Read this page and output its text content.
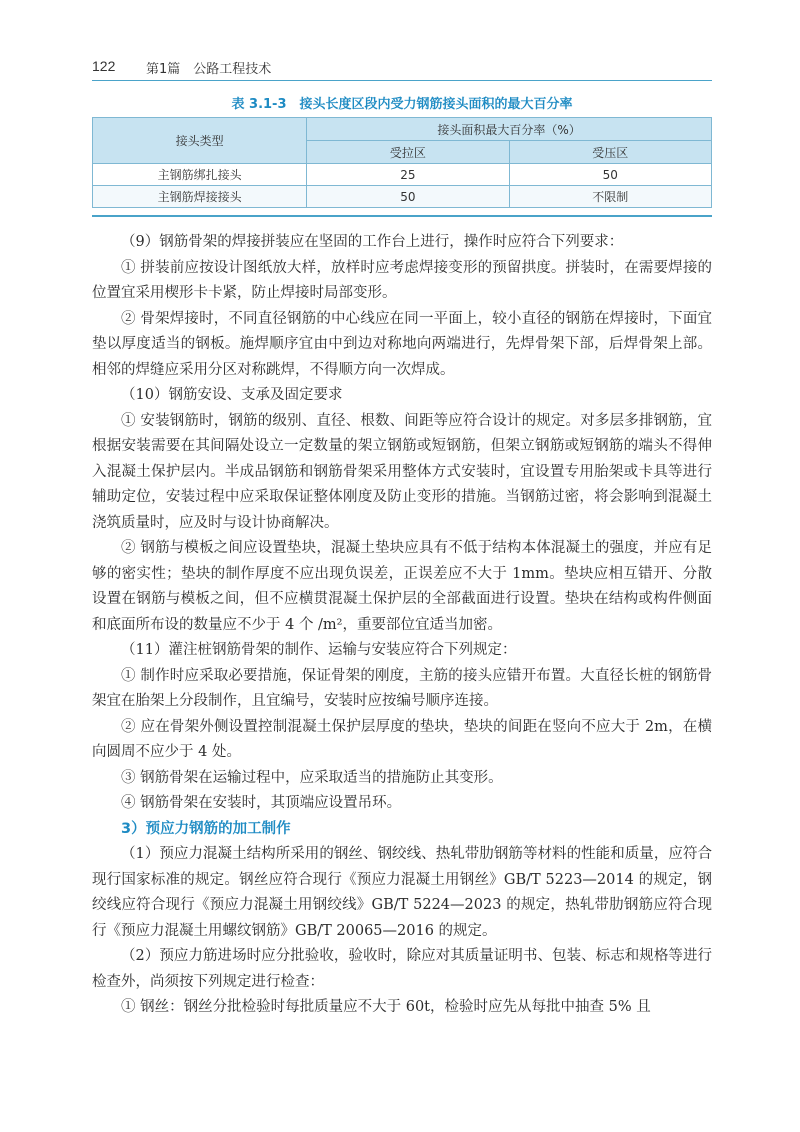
122 第1篇　公路工程技术
表 3.1-3　接头长度区段内受力钢筋接头面积的最大百分率
接头类型	接头面积最大百分率（%）	
	受拉区	受压区
主钢筋绑扎接头	25	50
主钢筋焊接接头	50	不限制

（9）钢筋骨架的焊接拼装应在坚固的工作台上进行，操作时应符合下列要求：

① 拼装前应按设计图纸放大样，放样时应考虑焊接变形的预留拱度。拼装时，在需要焊接的位置宜采用楔形卡卡紧，防止焊接时局部变形。

② 骨架焊接时，不同直径钢筋的中心线应在同一平面上，较小直径的钢筋在焊接时，下面宜垫以厚度适当的钢板。施焊顺序宜由中到边对称地向两端进行，先焊骨架下部，后焊骨架上部。相邻的焊缝应采用分区对称跳焊，不得顺方向一次焊成。

（10）钢筋安设、支承及固定要求

① 安装钢筋时，钢筋的级别、直径、根数、间距等应符合设计的规定。对多层多排钢筋，宜根据安装需要在其间隔处设立一定数量的架立钢筋或短钢筋，但架立钢筋或短钢筋的端头不得伸入混凝土保护层内。半成品钢筋和钢筋骨架采用整体方式安装时，宜设置专用胎架或卡具等进行辅助定位，安装过程中应采取保证整体刚度及防止变形的措施。当钢筋过密，将会影响到混凝土浇筑质量时，应及时与设计协商解决。

② 钢筋与模板之间应设置垫块，混凝土垫块应具有不低于结构本体混凝土的强度，并应有足够的密实性；垫块的制作厚度不应出现负误差，正误差应不大于 1mm。垫块应相互错开、分散设置在钢筋与模板之间，但不应横贯混凝土保护层的全部截面进行设置。垫块在结构或构件侧面和底面所布设的数量应不少于 4 个 /m²，重要部位宜适当加密。

（11）灌注桩钢筋骨架的制作、运输与安装应符合下列规定：

① 制作时应采取必要措施，保证骨架的刚度，主筋的接头应错开布置。大直径长桩的钢筋骨架宜在胎架上分段制作，且宜编号，安装时应按编号顺序连接。

② 应在骨架外侧设置控制混凝土保护层厚度的垫块，垫块的间距在竖向不应大于 2m，在横向圆周不应少于 4 处。

③ 钢筋骨架在运输过程中，应采取适当的措施防止其变形。

④ 钢筋骨架在安装时，其顶端应设置吊环。

3）预应力钢筋的加工制作

（1）预应力混凝土结构所采用的钢丝、钢绞线、热轧带肋钢筋等材料的性能和质量，应符合现行国家标准的规定。钢丝应符合现行《预应力混凝土用钢丝》GB/T 5223—2014 的规定，钢绞线应符合现行《预应力混凝土用钢绞线》GB/T 5224—2023 的规定，热轧带肋钢筋应符合现行《预应力混凝土用螺纹钢筋》GB/T 20065—2016 的规定。

（2）预应力筋进场时应分批验收，验收时，除应对其质量证明书、包装、标志和规格等进行检查外，尚须按下列规定进行检查：

① 钢丝：钢丝分批检验时每批质量应不大于 60t，检验时应先从每批中抽查 5% 且
